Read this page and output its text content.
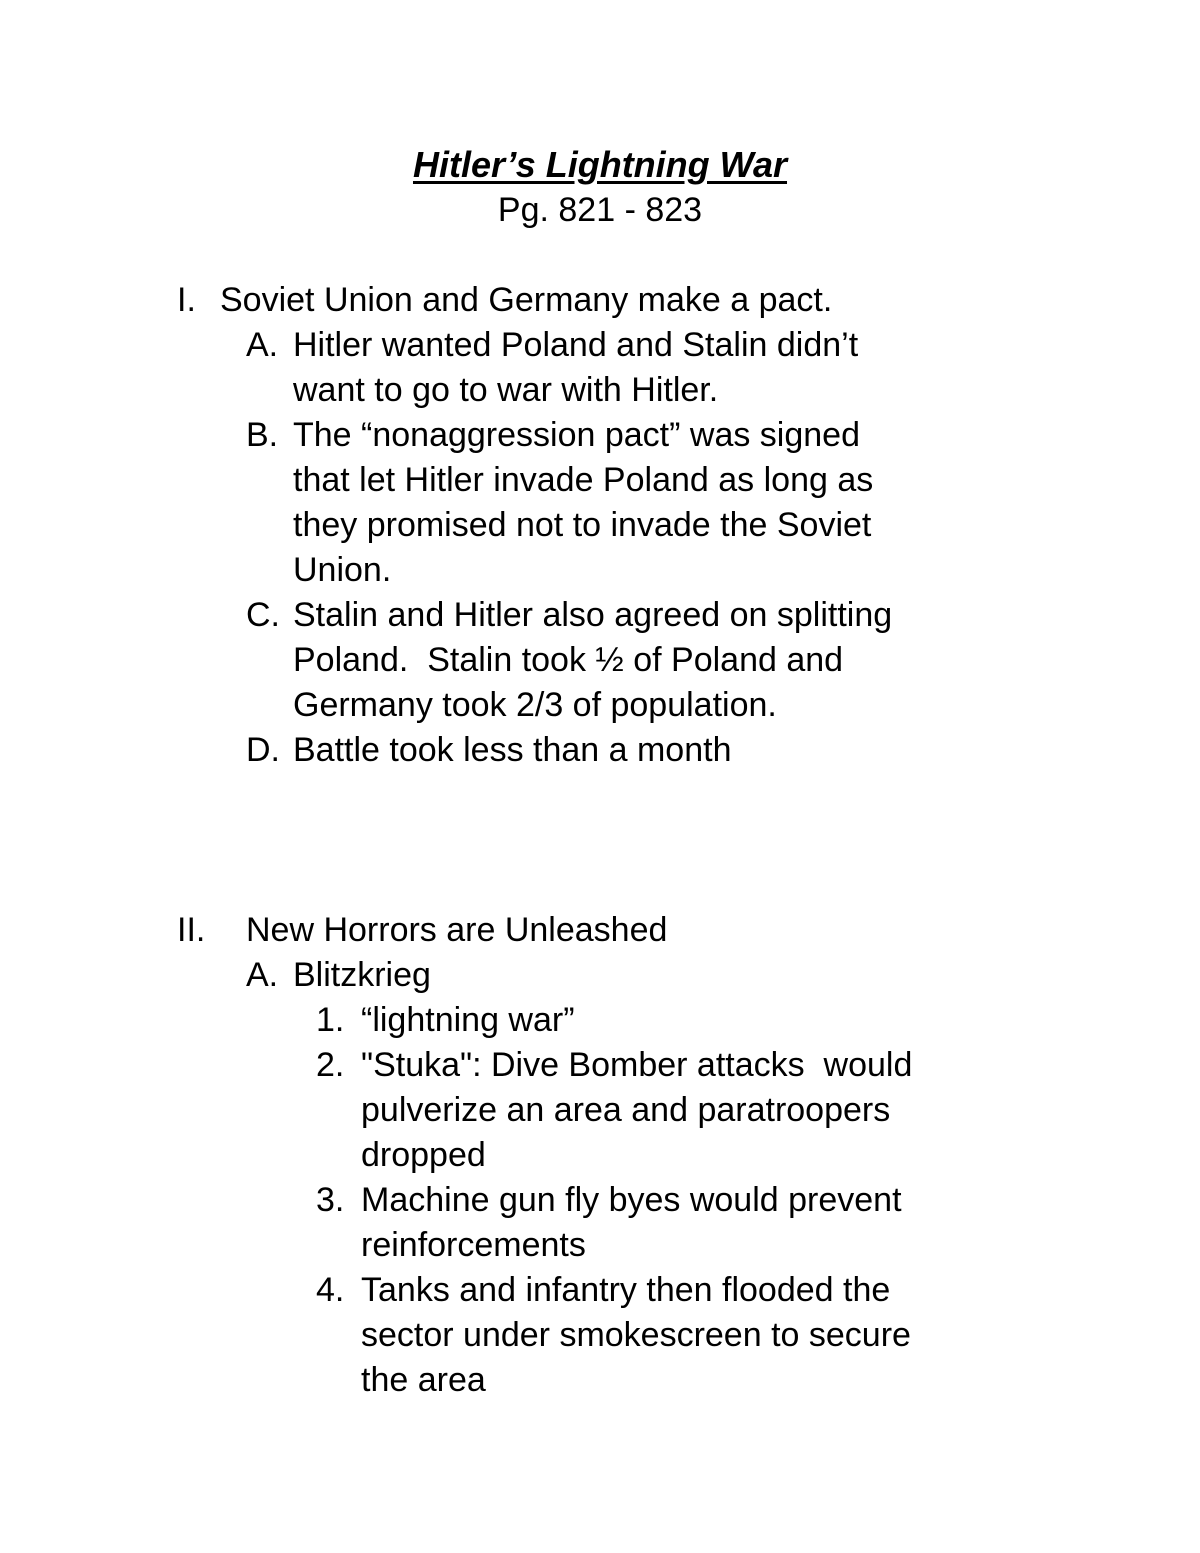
Hitler’s Lightning War
Pg. 821 - 823
I. Soviet Union and Germany make a pact.
A. Hitler wanted Poland and Stalin didn’t
want to go to war with Hitler.
B. The “nonaggression pact” was signed
that let Hitler invade Poland as long as
they promised not to invade the Soviet
Union.
C. Stalin and Hitler also agreed on splitting
Poland.  Stalin took ½ of Poland and
Germany took 2/3 of population.
D. Battle took less than a month
II. New Horrors are Unleashed
A. Blitzkrieg
1. “lightning war”
2. "Stuka": Dive Bomber attacks  would
pulverize an area and paratroopers
dropped
3. Machine gun fly byes would prevent
reinforcements
4. Tanks and infantry then flooded the
sector under smokescreen to secure
the area
